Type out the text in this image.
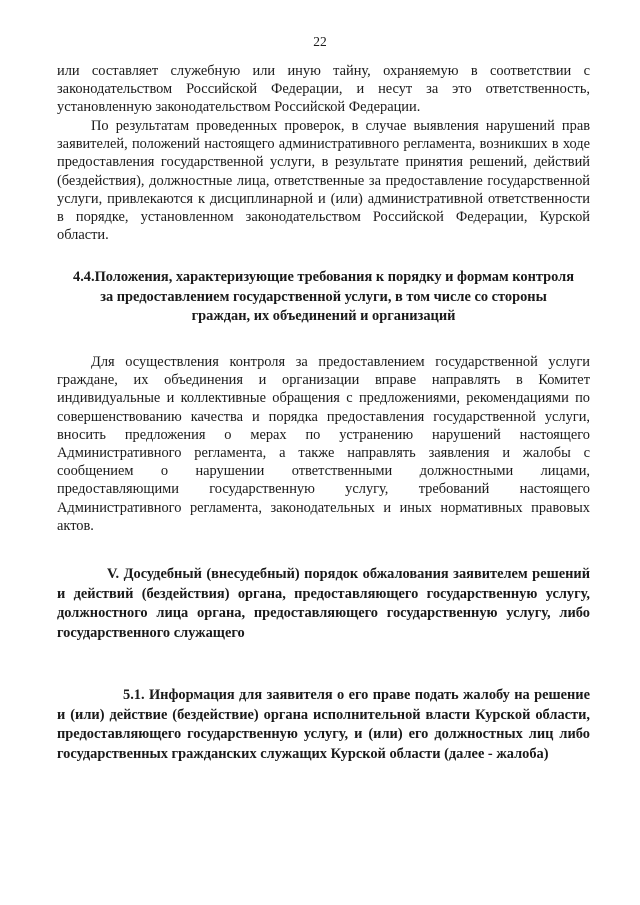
22

или составляет служебную или иную тайну, охраняемую в соответствии с законодательством Российской Федерации, и несут за это ответственность, установленную законодательством Российской Федерации.

По результатам проведенных проверок, в случае выявления нарушений прав заявителей, положений настоящего административного регламента, возникших в ходе предоставления государственной услуги, в результате принятия решений, действий (бездействия), должностные лица, ответственные за предоставление государственной услуги, привлекаются к дисциплинарной и (или) административной ответственности в порядке, установленном законодательством Российской Федерации, Курской области.

4.4.Положения, характеризующие требования к порядку и формам контроля за предоставлением государственной услуги, в том числе со стороны граждан, их объединений и организаций

Для осуществления контроля за предоставлением государственной услуги граждане, их объединения и организации вправе направлять в Комитет индивидуальные и коллективные обращения с предложениями, рекомендациями по совершенствованию качества и порядка предоставления государственной услуги, вносить предложения о мерах по устранению нарушений настоящего Административного регламента, а также направлять заявления и жалобы с сообщением о нарушении ответственными должностными лицами, предоставляющими государственную услугу, требований настоящего Административного регламента, законодательных и иных нормативных правовых актов.

V. Досудебный (внесудебный) порядок обжалования заявителем решений и действий (бездействия) органа, предоставляющего государственную услугу, должностного лица органа, предоставляющего государственную услугу, либо государственного служащего

5.1. Информация для заявителя о его праве подать жалобу на решение и (или) действие (бездействие) органа исполнительной власти Курской области, предоставляющего государственную услугу, и (или) его должностных лиц либо государственных гражданских служащих Курской области (далее - жалоба)
